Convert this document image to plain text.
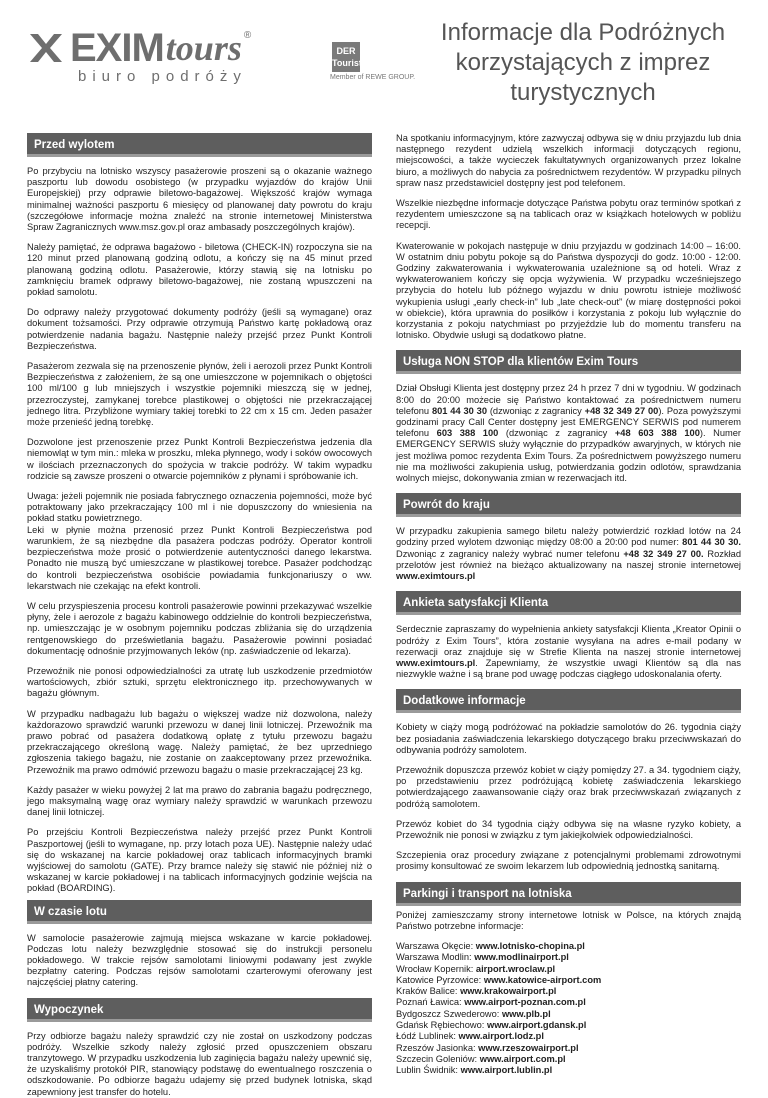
EXIM tours ®
biuro podróży
DER Touristik
Member of REWE GROUP.
Informacje dla Podróżnych
korzystających z imprez
turystycznych
Przed wylotem

Po przybyciu na lotnisko wszyscy pasażerowie proszeni są o okazanie ważnego paszportu lub dowodu osobistego (w przypadku wyjazdów do krajów Unii Europejskiej) przy odprawie biletowo-bagażowej. Większość krajów wymaga minimalnej ważności paszportu 6 miesięcy od planowanej daty powrotu do kraju (szczegółowe informacje można znaleźć na stronie internetowej Ministerstwa Spraw Zagranicznych www.msz.gov.pl oraz ambasady poszczególnych krajów).

Należy pamiętać, że odprawa bagażowo - biletowa (CHECK-IN) rozpoczyna sie na 120 minut przed planowaną godziną odlotu, a kończy się na 45 minut przed planowaną godziną odlotu. Pasażerowie, którzy stawią się na lotnisku po zamknięciu bramek odprawy biletowo-bagażowej, nie zostaną wpuszczeni na pokład samolotu.

Do odprawy należy przygotować dokumenty podróży (jeśli są wymagane) oraz dokument tożsamości. Przy odprawie otrzymują Państwo kartę pokładową oraz potwierdzenie nadania bagażu. Następnie należy przejść przez Punkt Kontroli Bezpieczeństwa.

Pasażerom zezwala się na przenoszenie płynów, żeli i aerozoli przez Punkt Kontroli Bezpieczeństwa z założeniem, że są one umieszczone w pojemnikach o objętości 100 ml/100 g lub mniejszych i wszystkie pojemniki mieszczą się w jednej, przezroczystej, zamykanej torebce plastikowej o objętości nie przekraczającej jednego litra. Przybliżone wymiary takiej torebki to 22 cm x 15 cm. Jeden pasażer może przenieść jedną torebkę.

Dozwolone jest przenoszenie przez Punkt Kontroli Bezpieczeństwa jedzenia dla niemowląt w tym min.: mleka w proszku, mleka płynnego, wody i soków owocowych w ilościach przeznaczonych do spożycia w trakcie podróży. W takim wypadku rodzicie są zawsze proszeni o otwarcie pojemników z płynami i spróbowanie ich.

Uwaga: jeżeli pojemnik nie posiada fabrycznego oznaczenia pojemności, może być potraktowany jako przekraczający 100 ml i nie dopuszczony do wniesienia na pokład statku powietrznego.

Leki w płynie można przenosić przez Punkt Kontroli Bezpieczeństwa pod warunkiem, że są niezbędne dla pasażera podczas podróży. Operator kontroli bezpieczeństwa może prosić o potwierdzenie autentyczności danego lekarstwa. Ponadto nie muszą być umieszczane w plastikowej torebce. Pasażer podchodząc do kontroli bezpieczeństwa osobiście powiadamia funkcjonariuszy o ww. lekarstwach nie czekając na efekt kontroli.

W celu przyspieszenia procesu kontroli pasażerowie powinni przekazywać wszelkie płyny, żele i aerozole z bagażu kabinowego oddzielnie do kontroli bezpieczeństwa, np. umieszczając je w osobnym pojemniku podczas zbliżania się do urządzenia rentgenowskiego do prześwietlania bagażu. Pasażerowie powinni posiadać dokumentację odnośnie przyjmowanych leków (np. zaświadczenie od lekarza).

Przewoźnik nie ponosi odpowiedzialności za utratę lub uszkodzenie przedmiotów wartościowych, zbiór sztuki, sprzętu elektronicznego itp. przechowywanych w bagażu głównym.

W przypadku nadbagażu lub bagażu o większej wadze niż dozwolona, należy każdorazowo sprawdzić warunki przewozu w danej linii lotniczej. Przewoźnik ma prawo pobrać od pasażera dodatkową opłatę z tytułu przewozu bagażu przekraczającego określoną wagę. Należy pamiętać, że bez uprzedniego zgłoszenia takiego bagażu, nie zostanie on zaakceptowany przez przewoźnika. Przewoźnik ma prawo odmówić przewozu bagażu o masie przekraczającej 23 kg.

Każdy pasażer w wieku powyżej 2 lat ma prawo do zabrania bagażu podręcznego, jego maksymalną wagę oraz wymiary należy sprawdzić w warunkach przewozu danej linii lotniczej.

Po przejściu Kontroli Bezpieczeństwa należy przejść przez Punkt Kontroli Paszportowej (jeśli to wymagane, np. przy lotach poza UE). Następnie należy udać się do wskazanej na karcie pokładowej oraz tablicach informacyjnych bramki wyjściowej do samolotu (GATE). Przy bramce należy się stawić nie później niż o wskazanej w karcie pokładowej i na tablicach informacyjnych godzinie wejścia na pokład (BOARDING).

W czasie lotu

W samolocie pasażerowie zajmują miejsca wskazane w karcie pokładowej. Podczas lotu należy bezwzględnie stosować się do instrukcji personelu pokładowego. W trakcie rejsów samolotami liniowymi podawany jest zwykle bezpłatny catering. Podczas rejsów samolotami czarterowymi oferowany jest najczęściej płatny catering.

Wypoczynek

Przy odbiorze bagażu należy sprawdzić czy nie został on uszkodzony podczas podróży. Wszelkie szkody należy zgłosić przed opuszczeniem obszaru tranzytowego. W przypadku uszkodzenia lub zaginięcia bagażu należy upewnić się, że uzyskaliśmy protokół PIR, stanowiący podstawę do ewentualnego roszczenia o odszkodowanie. Po odbiorze bagażu udajemy się przed budynek lotniska, skąd zapewniony jest transfer do hotelu.

Na spotkaniu informacyjnym, które zazwyczaj odbywa się w dniu przyjazdu lub dnia następnego rezydent udzielą wszelkich informacji dotyczących regionu, miejscowości, a także wycieczek fakultatywnych organizowanych przez lokalne biuro, a możliwych do nabycia za pośrednictwem rezydentów. W przypadku pilnych spraw nasz przedstawiciel dostępny jest pod telefonem.

Wszelkie niezbędne informacje dotyczące Państwa pobytu oraz terminów spotkań z rezydentem umieszczone są na tablicach oraz w książkach hotelowych w pobliżu recepcji.

Kwaterowanie w pokojach następuje w dniu przyjazdu w godzinach 14:00 – 16:00. W ostatnim dniu pobytu pokoje są do Państwa dyspozycji do godz. 10:00 - 12:00. Godziny zakwaterowania i wykwaterowania uzależnione są od hoteli. Wraz z wykwaterowaniem kończy się opcja wyżywienia. W przypadku wcześniejszego przybycia do hotelu lub późnego wyjazdu w dniu powrotu istnieje możliwość wykupienia usługi „early check-in” lub „late check-out” (w miarę dostępności pokoi w obiekcie), która uprawnia do posiłków i korzystania z pokoju lub wyłącznie do korzystania z pokoju natychmiast po przyjeździe lub do momentu transferu na lotnisko. Obydwie usługi są dodatkowo płatne.

Usługa NON STOP dla klientów Exim Tours

Dział Obsługi Klienta jest dostępny przez 24 h przez 7 dni w tygodniu. W godzinach 8:00 do 20:00 możecie się Państwo kontaktować za pośrednictwem numeru telefonu 801 44 30 30 (dzwoniąc z zagranicy +48 32 349 27 00). Poza powyższymi godzinami pracy Call Center dostępny jest EMERGENCY SERWIS pod numerem telefonu 603 388 100 (dzwoniąc z zagranicy +48 603 388 100). Numer EMERGENCY SERWIS służy wyłącznie do przypadków awaryjnych, w których nie jest możliwa pomoc rezydenta Exim Tours. Za pośrednictwem powyższego numeru nie ma możliwości zakupienia usług, potwierdzania godzin odlotów, sprawdzania wolnych miejsc, dokonywania zmian w rezerwacjach itd.

Powrót do kraju

W przypadku zakupienia samego biletu należy potwierdzić rozkład lotów na 24 godziny przed wylotem dzwoniąc między 08:00 a 20:00 pod numer: 801 44 30 30. Dzwoniąc z zagranicy należy wybrać numer telefonu +48 32 349 27 00. Rozkład przelotów jest również na bieżąco aktualizowany na naszej stronie internetowej www.eximtours.pl

Ankieta satysfakcji Klienta

Serdecznie zapraszamy do wypełnienia ankiety satysfakcji Klienta „Kreator Opinii o podróży z Exim Tours”, która zostanie wysyłana na adres e-mail podany w rezerwacji oraz znajduje się w Strefie Klienta na naszej stronie internetowej www.eximtours.pl. Zapewniamy, że wszystkie uwagi Klientów są dla nas niezwykle ważne i są brane pod uwagę podczas ciągłego udoskonalania oferty.

Dodatkowe informacje

Kobiety w ciąży mogą podróżować na pokładzie samolotów do 26. tygodnia ciąży bez posiadania zaświadczenia lekarskiego dotyczącego braku przeciwwskazań do odbywania podróży samolotem.

Przewoźnik dopuszcza przewóz kobiet w ciąży pomiędzy 27. a 34. tygodniem ciąży, po przedstawieniu przez podróżującą kobietę zaświadczenia lekarskiego potwierdzającego zaawansowanie ciąży oraz brak przeciwwskazań związanych z podróżą samolotem.

Przewóz kobiet do 34 tygodnia ciąży odbywa się na własne ryzyko kobiety, a Przewoźnik nie ponosi w związku z tym jakiejkolwiek odpowiedzialności.

Szczepienia oraz procedury związane z potencjalnymi problemami zdrowotnymi prosimy konsultować ze swoim lekarzem lub odpowiednią jednostką sanitarną.

Parkingi i transport na lotniska

Poniżej zamieszczamy strony internetowe lotnisk w Polsce, na których znajdą Państwo potrzebne informacje:

Warszawa Okęcie: www.lotnisko-chopina.pl
Warszawa Modlin: www.modlinairport.pl
Wrocław Kopernik: airport.wroclaw.pl
Katowice Pyrzowice: www.katowice-airport.com
Kraków Balice: www.krakowairport.pl
Poznań Ławica: www.airport-poznan.com.pl
Bydgoszcz Szwederowo: www.plb.pl
Gdańsk Rębiechowo: www.airport.gdansk.pl
Łódź Lublinek: www.airport.lodz.pl
Rzeszów Jasionka: www.rzeszowairport.pl
Szczecin Goleniów: www.airport.com.pl
Lublin Świdnik: www.airport.lublin.pl
